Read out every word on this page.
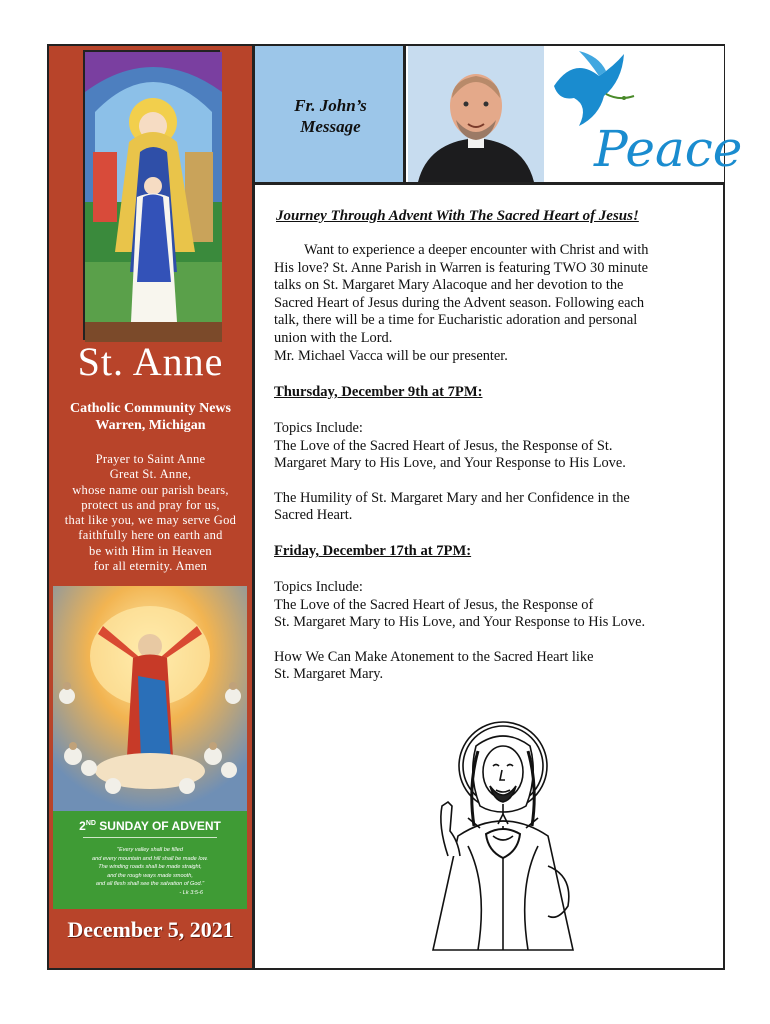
St. Anne
Catholic Community News
Warren, Michigan
Prayer to Saint Anne
Great St. Anne,
whose name our parish bears,
protect us and pray for us,
that like you, we may serve God
faithfully here on earth and
be with Him in Heaven
for all eternity. Amen
2ND SUNDAY OF ADVENT
"Every valley shall be filled
and every mountain and hill shall be made low.
The winding roads shall be made straight,
and the rough ways made smooth,
and all flesh shall see the salvation of God."
- Lk 3:5-6
December 5, 2021
Fr. John’s
Message	Peace
Journey Through Advent With The Sacred Heart of Jesus!

Want to experience a deeper encounter with Christ and with

His love? St. Anne Parish in Warren is featuring TWO 30 minute

talks on St. Margaret Mary Alacoque and her devotion to the

Sacred Heart of Jesus during the Advent season. Following each

talk, there will be a time for Eucharistic adoration and personal

union with the Lord.

Mr. Michael Vacca will be our presenter.

Thursday, December 9th at 7PM:
Topics Include:
The Love of the Sacred Heart of Jesus, the Response of St.
Margaret Mary to His Love, and Your Response to His Love.
The Humility of St. Margaret Mary and her Confidence in the
Sacred Heart.
Friday, December 17th at 7PM:
Topics Include:
The Love of the Sacred Heart of Jesus, the Response of
St. Margaret Mary to His Love, and Your Response to His Love.
How We Can Make Atonement to the Sacred Heart like
St. Margaret Mary.
